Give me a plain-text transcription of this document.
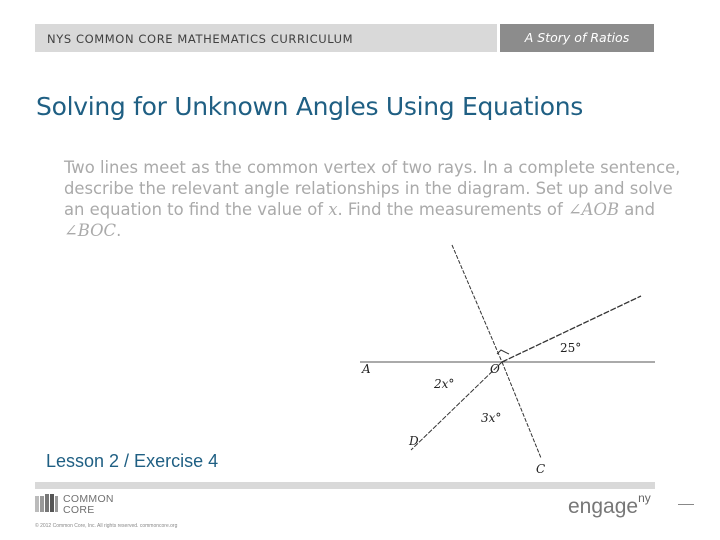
NYS COMMON CORE MATHEMATICS CURRICULUM	A Story of Ratios
Solving for Unknown Angles Using Equations
Two lines meet as the common vertex of two rays. In a complete sentence,
describe the relevant angle relationships in the diagram. Set up and solve
an equation to find the value of x. Find the measurements of ∠AOB and
∠BOC.
A	O
D
C
25°
2x°
3x°
Lesson 2 / Exercise 4
COMMON
CORE
© 2012 Common Core, Inc. All rights reserved. commoncore.org
engage$^{ny}$
